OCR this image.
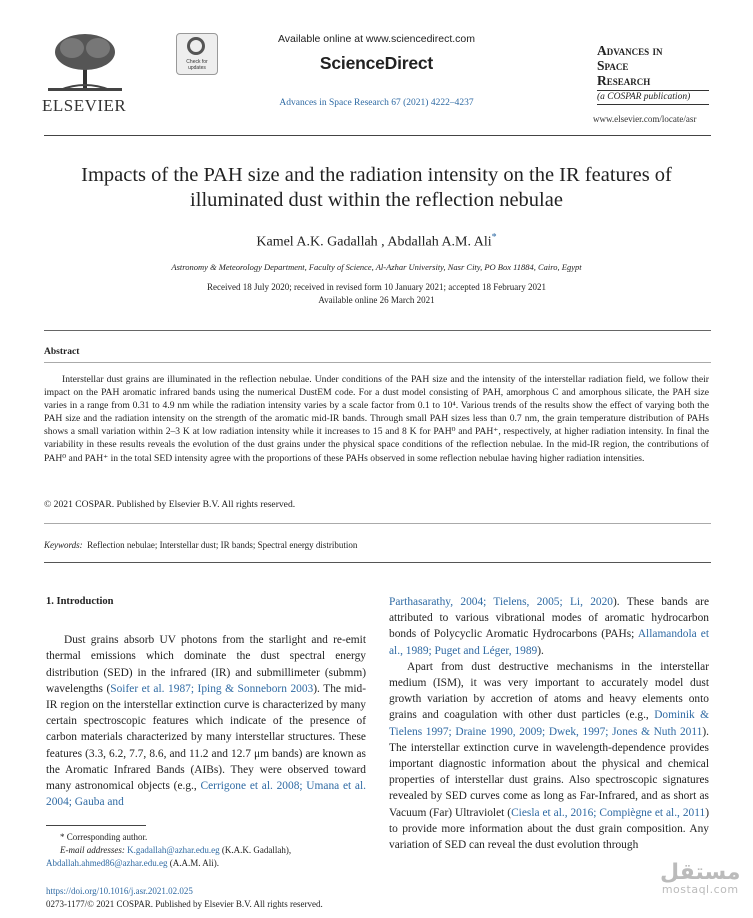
ELSEVIER
Check for updates
Available online at www.sciencedirect.com
ScienceDirect
Advances in Space Research 67 (2021) 4222–4237
Advances in
Space
Research
(a COSPAR publication)
www.elsevier.com/locate/asr
Impacts of the PAH size and the radiation intensity on the IR features of illuminated dust within the reflection nebulae
Kamel A.K. Gadallah , Abdallah A.M. Ali*
Astronomy & Meteorology Department, Faculty of Science, Al-Azhar University, Nasr City, PO Box 11884, Cairo, Egypt
Received 18 July 2020; received in revised form 10 January 2021; accepted 18 February 2021
Available online 26 March 2021
Abstract
Interstellar dust grains are illuminated in the reflection nebulae. Under conditions of the PAH size and the intensity of the interstellar radiation field, we follow their impact on the PAH aromatic infrared bands using the numerical DustEM code. For a dust model consisting of PAH, amorphous C and amorphous silicate, the PAH size varies in a range from 0.31 to 4.9 nm while the radiation intensity varies by a scale factor from 0.1 to 10⁴. Various trends of the results show the effect of varying both the PAH size and the radiation intensity on the strength of the aromatic mid-IR bands. Through small PAH sizes less than 0.7 nm, the grain temperature distribution of PAHs shows a small variation within 2–3 K at low radiation intensity while it increases to 15 and 8 K for PAH⁰ and PAH⁺, respectively, at higher radiation intensity. In final the variability in these results reveals the evolution of the dust grains under the physical space conditions of the reflection nebulae. In the mid-IR region, the contributions of PAH⁰ and PAH⁺ in the total SED intensity agree with the proportions of these PAHs observed in some reflection nebulae having higher radiation intensities.
© 2021 COSPAR. Published by Elsevier B.V. All rights reserved.
Keywords: Reflection nebulae; Interstellar dust; IR bands; Spectral energy distribution
1. Introduction

Dust grains absorb UV photons from the starlight and re-emit thermal emissions which dominate the dust spectral energy distribution (SED) in the infrared (IR) and submillimeter (submm) wavelengths (Soifer et al. 1987; Iping & Sonneborn 2003). The mid-IR region on the interstellar extinction curve is characterized by many certain spectroscopic features which indicate of the presence of carbon materials characterized by many interstellar structures. These features (3.3, 6.2, 7.7, 8.6, and 11.2 and 12.7 μm bands) are known as the Aromatic Infrared Bands (AIBs). They were observed toward many astronomical objects (e.g., Cerrigone et al. 2008; Umana et al. 2004; Gauba and

Parthasarathy, 2004; Tielens, 2005; Li, 2020). These bands are attributed to various vibrational modes of aromatic hydrocarbon bonds of Polycyclic Aromatic Hydrocarbons (PAHs; Allamandola et al., 1989; Puget and Léger, 1989).

Apart from dust destructive mechanisms in the interstellar medium (ISM), it was very important to accurately model dust growth variation by accretion of atoms and heavy elements onto grains and coagulation with other dust particles (e.g., Dominik & Tielens 1997; Draine 1990, 2009; Dwek, 1997; Jones & Nuth 2011). The interstellar extinction curve in wavelength-dependence provides important diagnostic information about the physical and chemical properties of interstellar dust grains. Also spectroscopic signatures revealed by SED curves come as long as Far-Infrared, and as short as Vacuum (Far) Ultraviolet (Ciesla et al., 2016; Compiègne et al., 2011) to provide more information about the dust grain composition. Any variation of SED can reveal the dust evolution through

* Corresponding author.
E-mail addresses: K.gadallah@azhar.edu.eg (K.A.K. Gadallah),
Abdallah.ahmed86@azhar.edu.eg (A.A.M. Ali).
https://doi.org/10.1016/j.asr.2021.02.025
0273-1177/© 2021 COSPAR. Published by Elsevier B.V. All rights reserved.
مستقل
mostaql.com
